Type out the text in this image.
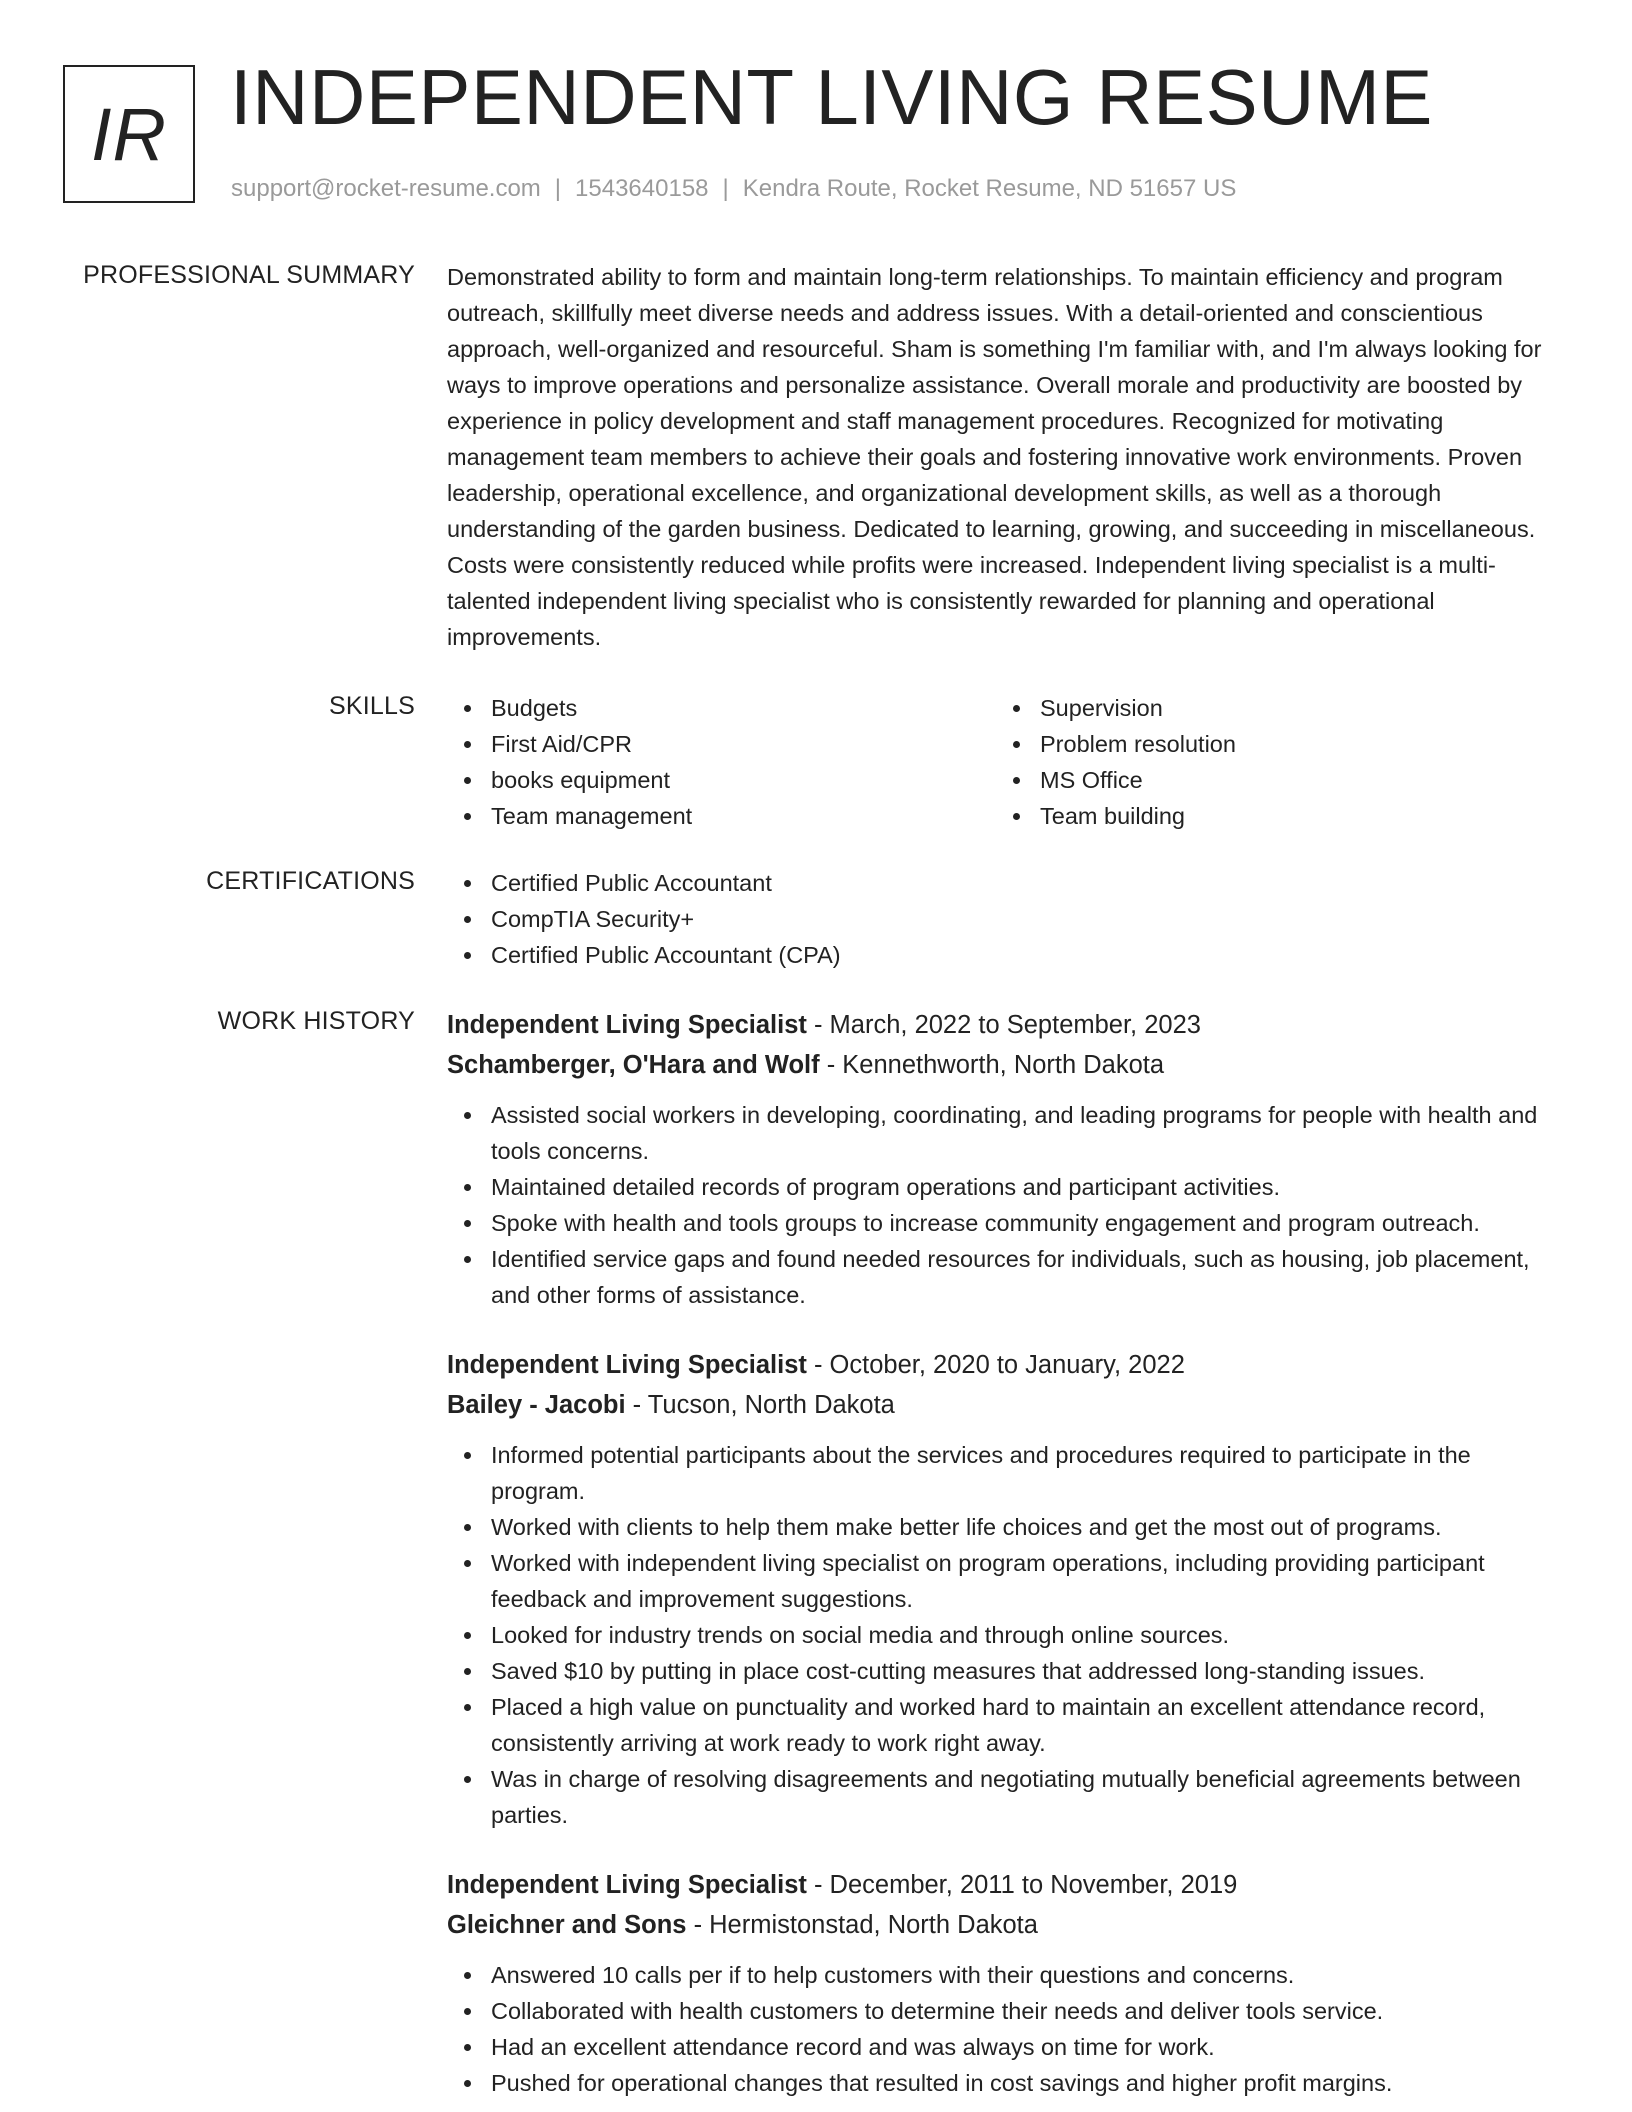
IR INDEPENDENT LIVING RESUME
support@rocket-resume.com | 1543640158 | Kendra Route, Rocket Resume, ND 51657 US
PROFESSIONAL SUMMARY Demonstrated ability to form and maintain long-term relationships. To maintain efficiency and program outreach, skillfully meet diverse needs and address issues. With a detail-oriented and conscientious approach, well-organized and resourceful. Sham is something I'm familiar with, and I'm always looking for ways to improve operations and personalize assistance. Overall morale and productivity are boosted by experience in policy development and staff management procedures. Recognized for motivating management team members to achieve their goals and fostering innovative work environments. Proven leadership, operational excellence, and organizational development skills, as well as a thorough understanding of the garden business. Dedicated to learning, growing, and succeeding in miscellaneous. Costs were consistently reduced while profits were increased. Independent living specialist is a multi-talented independent living specialist who is consistently rewarded for planning and operational improvements.

SKILLS	Budgets
First Aid/CPR
books equipment
Team management
Supervision
Problem resolution
MS Office
Team building
CERTIFICATIONS	Certified Public Accountant
CompTIA Security+
Certified Public Accountant (CPA)
WORK HISTORY Independent Living Specialist - March, 2022 to September, 2023
Schamberger, O'Hara and Wolf - Kennethworth, North Dakota
Assisted social workers in developing, coordinating, and leading programs for people with health and tools concerns.
Maintained detailed records of program operations and participant activities.
Spoke with health and tools groups to increase community engagement and program outreach.
Identified service gaps and found needed resources for individuals, such as housing, job placement, and other forms of assistance.
Independent Living Specialist - October, 2020 to January, 2022
Bailey - Jacobi - Tucson, North Dakota
Informed potential participants about the services and procedures required to participate in the program.
Worked with clients to help them make better life choices and get the most out of programs.
Worked with independent living specialist on program operations, including providing participant feedback and improvement suggestions.
Looked for industry trends on social media and through online sources.
Saved $10 by putting in place cost-cutting measures that addressed long-standing issues.
Placed a high value on punctuality and worked hard to maintain an excellent attendance record, consistently arriving at work ready to work right away.
Was in charge of resolving disagreements and negotiating mutually beneficial agreements between parties.
Independent Living Specialist - December, 2011 to November, 2019
Gleichner and Sons - Hermistonstad, North Dakota
Answered 10 calls per if to help customers with their questions and concerns.
Collaborated with health customers to determine their needs and deliver tools service.
Had an excellent attendance record and was always on time for work.
Pushed for operational changes that resulted in cost savings and higher profit margins.
